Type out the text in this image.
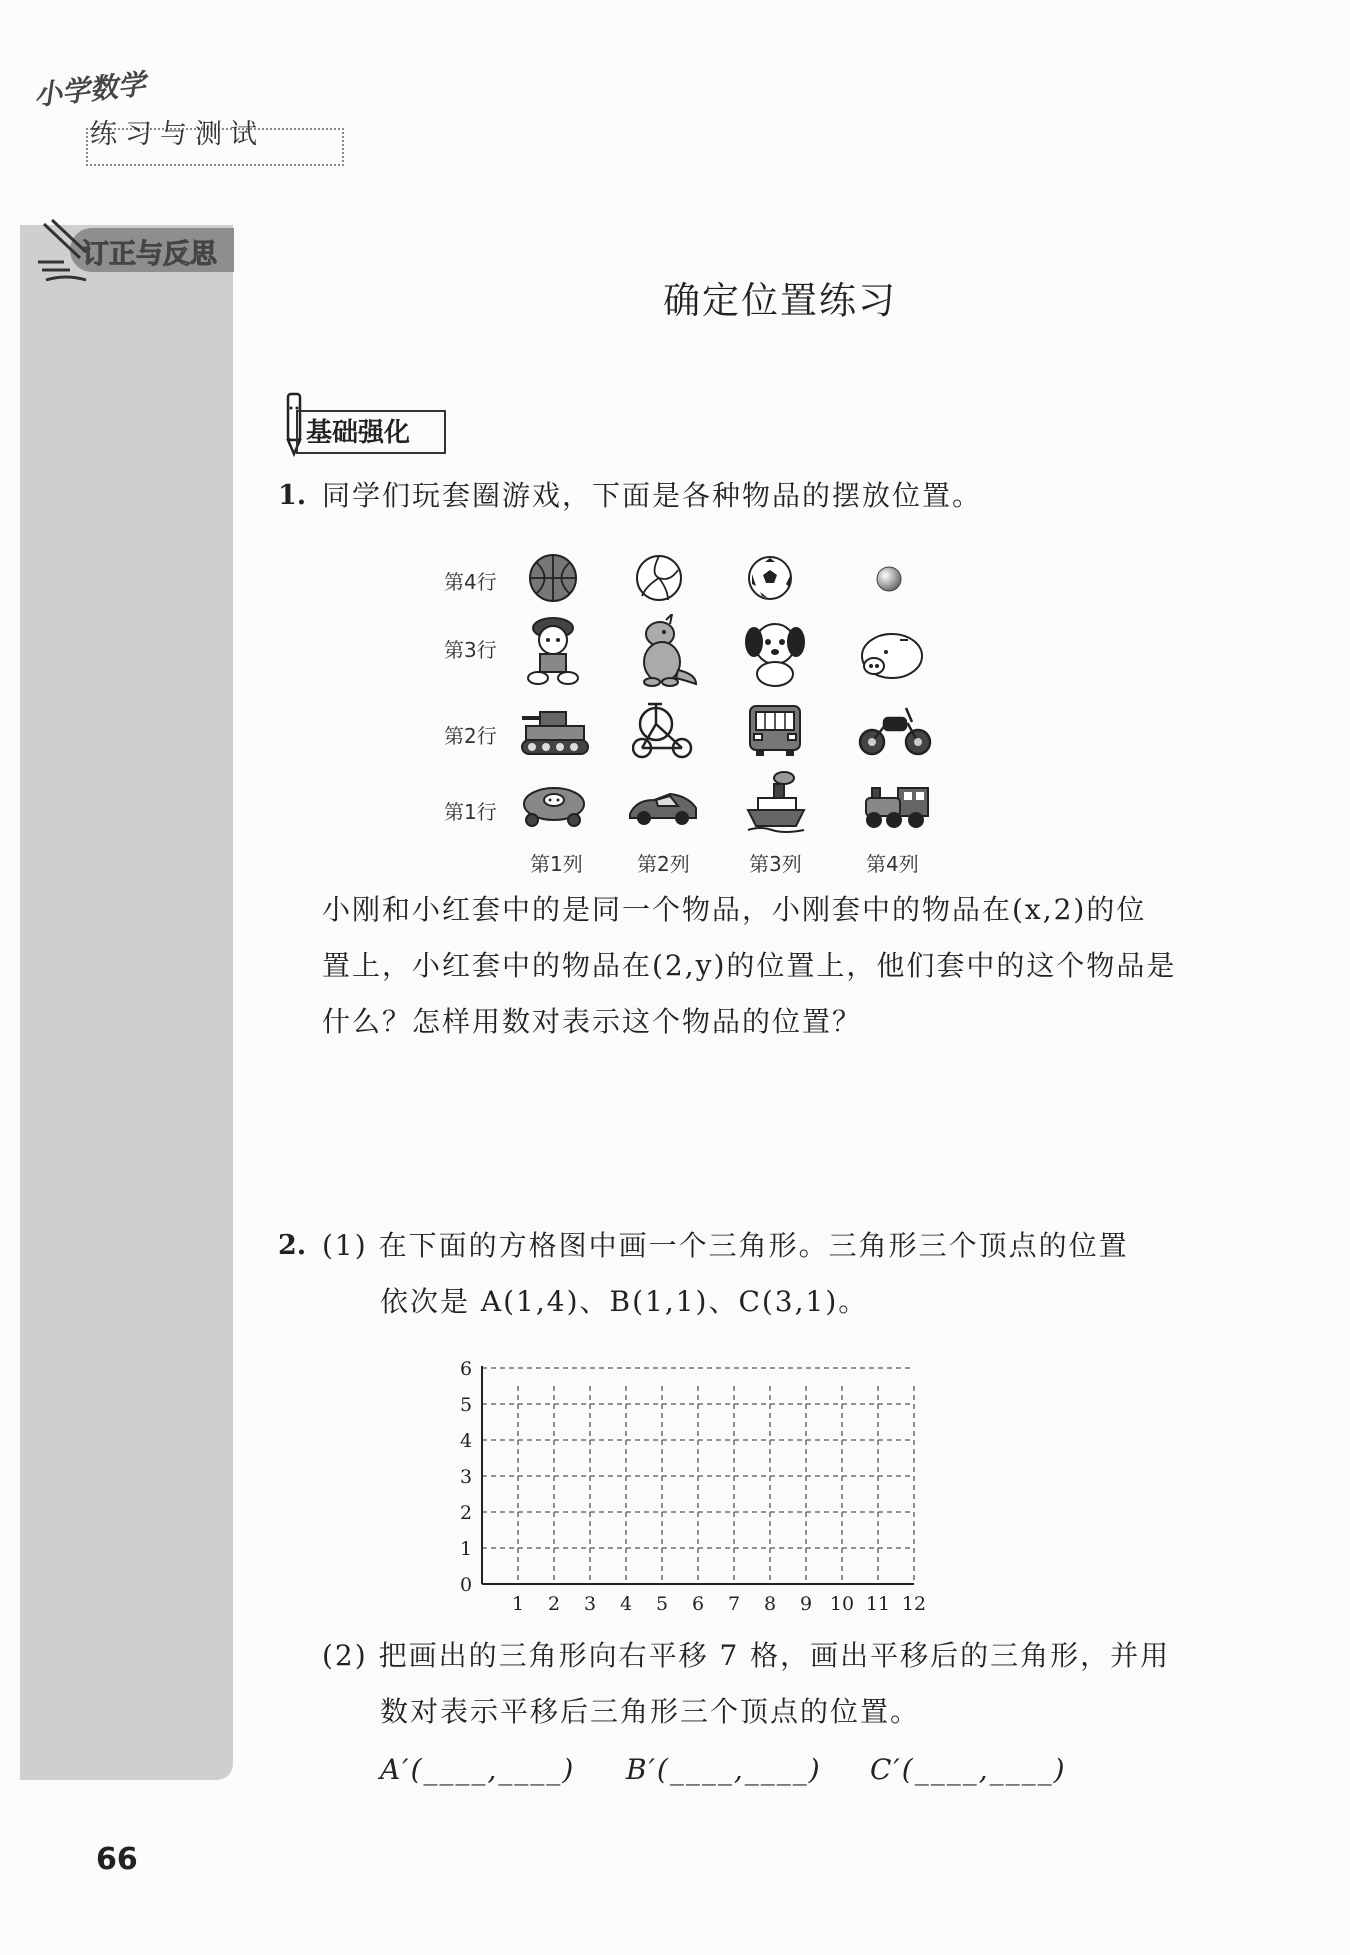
小学数学
练习与测试
订正与反思
确定位置练习
基础强化
1. 同学们玩套圈游戏，下面是各种物品的摆放位置。
第4行
第3行
第2行
第1行
第1列	第2列	第3列	第4列
小刚和小红套中的是同一个物品，小刚套中的物品在(x,2)的位
置上，小红套中的物品在(2,y)的位置上，他们套中的这个物品是
什么？怎样用数对表示这个物品的位置？
2. (1) 在下面的方格图中画一个三角形。三角形三个顶点的位置
依次是 A(1,4)、B(1,1)、C(3,1)。
6
5
4
3
2
1
0
1 2 3 4 5 6 7 8 9 10 11 12
(2) 把画出的三角形向右平移 7 格，画出平移后的三角形，并用
数对表示平移后三角形三个顶点的位置。
A′(____,____) B′(____,____) C′(____,____)
66
